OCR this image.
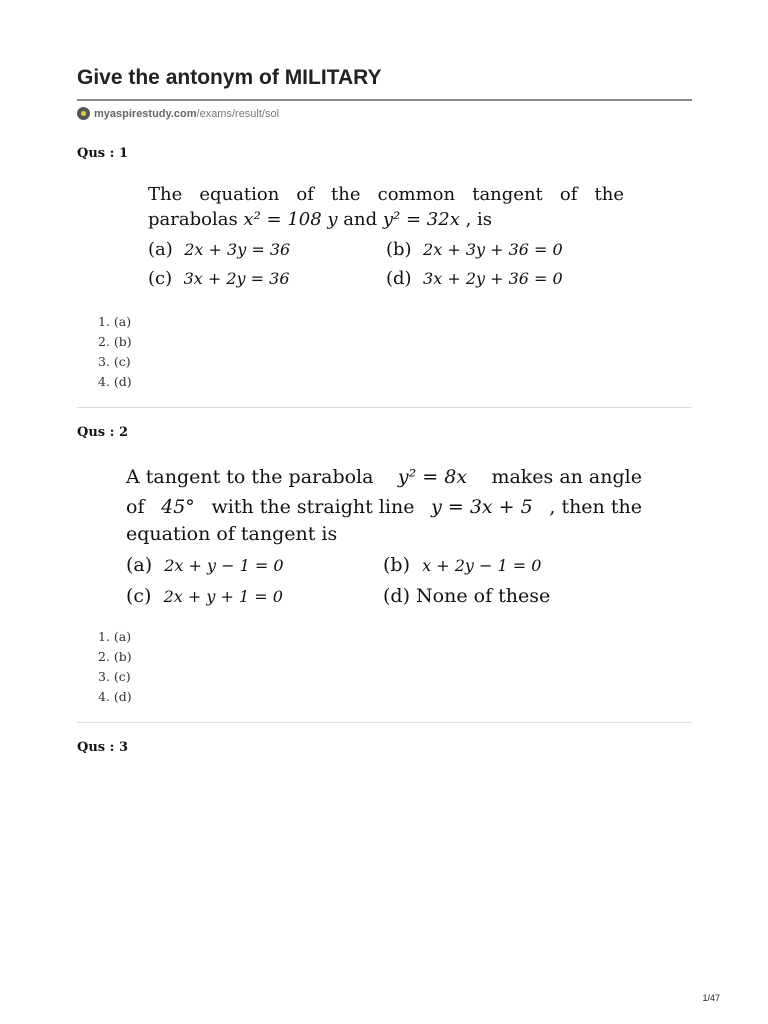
Give the antonym of MILITARY
myaspirestudy.com/exams/result/sol
Qus : 1
The equation of the common tangent of the
parabolas x² = 108 y and y² = 32x , is
(a) 2x + 3y = 36	(b) 2x + 3y + 36 = 0
(c) 3x + 2y = 36	(d) 3x + 2y + 36 = 0
1. (a)
2. (b)
3. (c)
4. (d)
Qus : 2
A tangent to the parabola y² = 8x makes an angle
of 45° with the straight line y = 3x + 5 , then the
equation of tangent is
(a) 2x + y − 1 = 0	(b) x + 2y − 1 = 0
(c) 2x + y + 1 = 0	(d) None of these
1. (a)
2. (b)
3. (c)
4. (d)
Qus : 3
1/47
